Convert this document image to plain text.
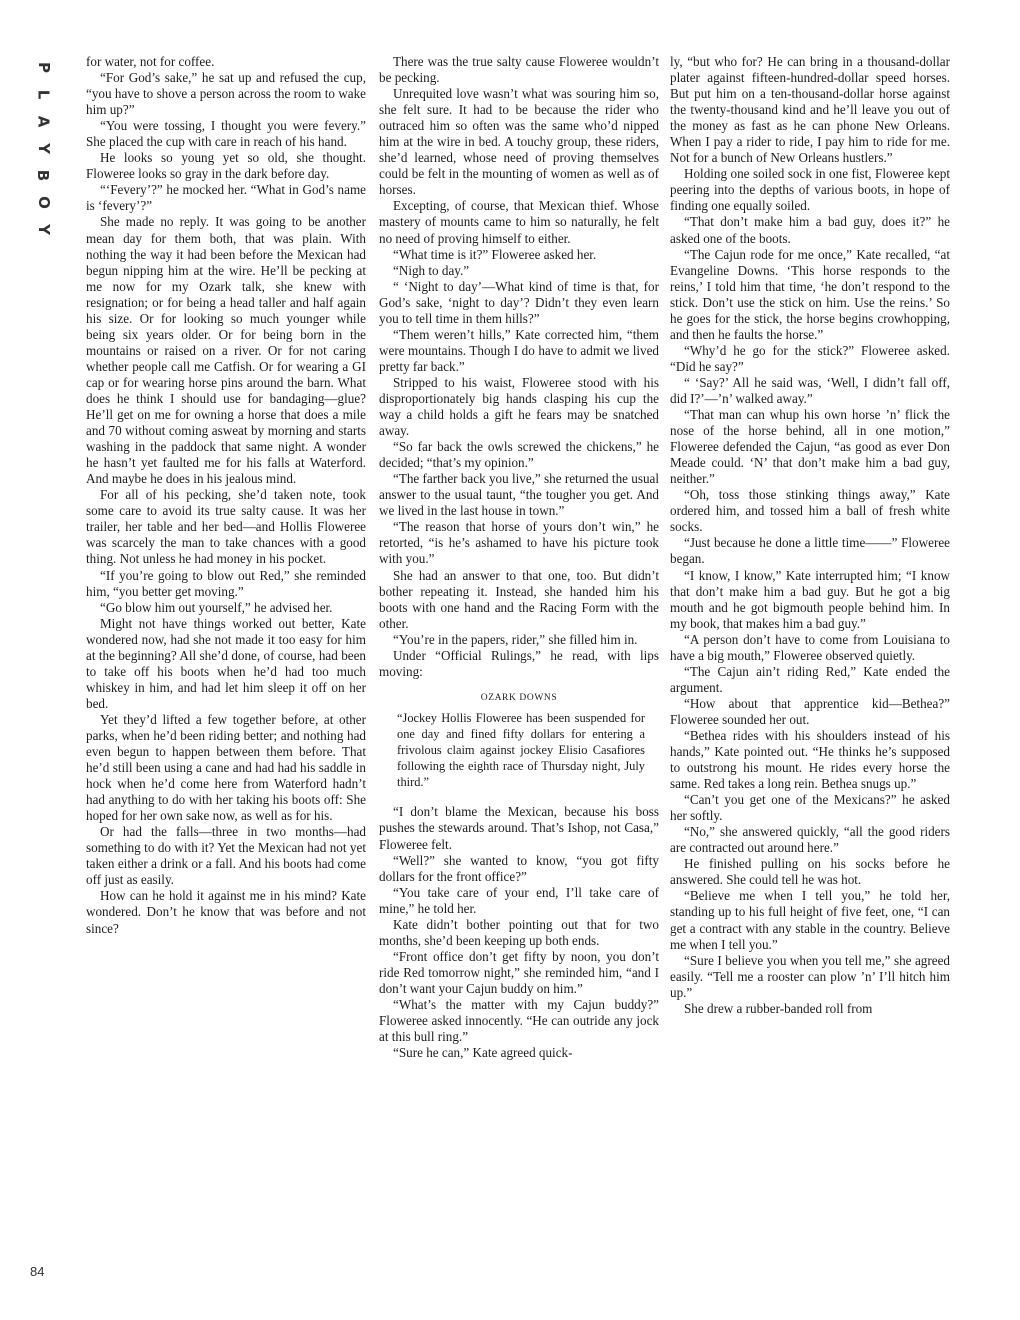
P
L
A
Y
B
O
Y

for water, not for coffee.

“For God’s sake,” he sat up and refused the cup, “you have to shove a person across the room to wake him up?”

“You were tossing, I thought you were fevery.” She placed the cup with care in reach of his hand.

He looks so young yet so old, she thought. Floweree looks so gray in the dark before day.

“‘Fevery’?” he mocked her. “What in God’s name is ‘fevery’?”

She made no reply. It was going to be another mean day for them both, that was plain. With nothing the way it had been before the Mexican had begun nipping him at the wire. He’ll be pecking at me now for my Ozark talk, she knew with resignation; or for being a head taller and half again his size. Or for looking so much younger while being six years older. Or for being born in the mountains or raised on a river. Or for not caring whether people call me Catfish. Or for wearing a GI cap or for wearing horse pins around the barn. What does he think I should use for bandaging—glue? He’ll get on me for owning a horse that does a mile and 70 without coming asweat by morning and starts washing in the paddock that same night. A wonder he hasn’t yet faulted me for his falls at Waterford. And maybe he does in his jealous mind.

For all of his pecking, she’d taken note, took some care to avoid its true salty cause. It was her trailer, her table and her bed—and Hollis Floweree was scarcely the man to take chances with a good thing. Not unless he had money in his pocket.

“If you’re going to blow out Red,” she reminded him, “you better get moving.”

“Go blow him out yourself,” he advised her.

Might not have things worked out better, Kate wondered now, had she not made it too easy for him at the beginning? All she’d done, of course, had been to take off his boots when he’d had too much whiskey in him, and had let him sleep it off on her bed.

Yet they’d lifted a few together before, at other parks, when he’d been riding better; and nothing had even begun to happen between them before. That he’d still been using a cane and had had his saddle in hock when he’d come here from Waterford hadn’t had anything to do with her taking his boots off: She hoped for her own sake now, as well as for his.

Or had the falls—three in two months—had something to do with it? Yet the Mexican had not yet taken either a drink or a fall. And his boots had come off just as easily.

How can he hold it against me in his mind? Kate wondered. Don’t he know that was before and not since?

There was the true salty cause Floweree wouldn’t be pecking.

Unrequited love wasn’t what was souring him so, she felt sure. It had to be because the rider who outraced him so often was the same who’d nipped him at the wire in bed. A touchy group, these riders, she’d learned, whose need of proving themselves could be felt in the mounting of women as well as of horses.

Excepting, of course, that Mexican thief. Whose mastery of mounts came to him so naturally, he felt no need of proving himself to either.

“What time is it?” Floweree asked her.

“Nigh to day.”

“ ‘Night to day’—What kind of time is that, for God’s sake, ‘night to day’? Didn’t they even learn you to tell time in them hills?”

“Them weren’t hills,” Kate corrected him, “them were mountains. Though I do have to admit we lived pretty far back.”

Stripped to his waist, Floweree stood with his disproportionately big hands clasping his cup the way a child holds a gift he fears may be snatched away.

“So far back the owls screwed the chickens,” he decided; “that’s my opinion.”

“The farther back you live,” she returned the usual answer to the usual taunt, “the tougher you get. And we lived in the last house in town.”

“The reason that horse of yours don’t win,” he retorted, “is he’s ashamed to have his picture took with you.”

She had an answer to that one, too. But didn’t bother repeating it. Instead, she handed him his boots with one hand and the Racing Form with the other.

“You’re in the papers, rider,” she filled him in.

Under “Official Rulings,” he read, with lips moving:

OZARK DOWNS

“Jockey Hollis Floweree has been suspended for one day and fined fifty dollars for entering a frivolous claim against jockey Elisio Casafiores following the eighth race of Thursday night, July third.”

“I don’t blame the Mexican, because his boss pushes the stewards around. That’s Ishop, not Casa,” Floweree felt.

“Well?” she wanted to know, “you got fifty dollars for the front office?”

“You take care of your end, I’ll take care of mine,” he told her.

Kate didn’t bother pointing out that for two months, she’d been keeping up both ends.

“Front office don’t get fifty by noon, you don’t ride Red tomorrow night,” she reminded him, “and I don’t want your Cajun buddy on him.”

“What’s the matter with my Cajun buddy?” Floweree asked innocently. “He can outride any jock at this bull ring.”

“Sure he can,” Kate agreed quick-

ly, “but who for? He can bring in a thousand-dollar plater against fifteen-hundred-dollar speed horses. But put him on a ten-thousand-dollar horse against the twenty-thousand kind and he’ll leave you out of the money as fast as he can phone New Orleans. When I pay a rider to ride, I pay him to ride for me. Not for a bunch of New Orleans hustlers.”

Holding one soiled sock in one fist, Floweree kept peering into the depths of various boots, in hope of finding one equally soiled.

“That don’t make him a bad guy, does it?” he asked one of the boots.

“The Cajun rode for me once,” Kate recalled, “at Evangeline Downs. ‘This horse responds to the reins,’ I told him that time, ‘he don’t respond to the stick. Don’t use the stick on him. Use the reins.’ So he goes for the stick, the horse begins crowhopping, and then he faults the horse.”

“Why’d he go for the stick?” Floweree asked. “Did he say?”

“ ‘Say?’ All he said was, ‘Well, I didn’t fall off, did I?’—’n’ walked away.”

“That man can whup his own horse ’n’ flick the nose of the horse behind, all in one motion,” Floweree defended the Cajun, “as good as ever Don Meade could. ‘N’ that don’t make him a bad guy, neither.”

“Oh, toss those stinking things away,” Kate ordered him, and tossed him a ball of fresh white socks.

“Just because he done a little time——” Floweree began.

“I know, I know,” Kate interrupted him; “I know that don’t make him a bad guy. But he got a big mouth and he got bigmouth people behind him. In my book, that makes him a bad guy.”

“A person don’t have to come from Louisiana to have a big mouth,” Floweree observed quietly.

“The Cajun ain’t riding Red,” Kate ended the argument.

“How about that apprentice kid—Bethea?” Floweree sounded her out.

“Bethea rides with his shoulders instead of his hands,” Kate pointed out. “He thinks he’s supposed to outstrong his mount. He rides every horse the same. Red takes a long rein. Bethea snugs up.”

“Can’t you get one of the Mexicans?” he asked her softly.

“No,” she answered quickly, “all the good riders are contracted out around here.”

He finished pulling on his socks before he answered. She could tell he was hot.

“Believe me when I tell you,” he told her, standing up to his full height of five feet, one, “I can get a contract with any stable in the country. Believe me when I tell you.”

“Sure I believe you when you tell me,” she agreed easily. “Tell me a rooster can plow ’n’ I’ll hitch him up.”

She drew a rubber-banded roll from

84
